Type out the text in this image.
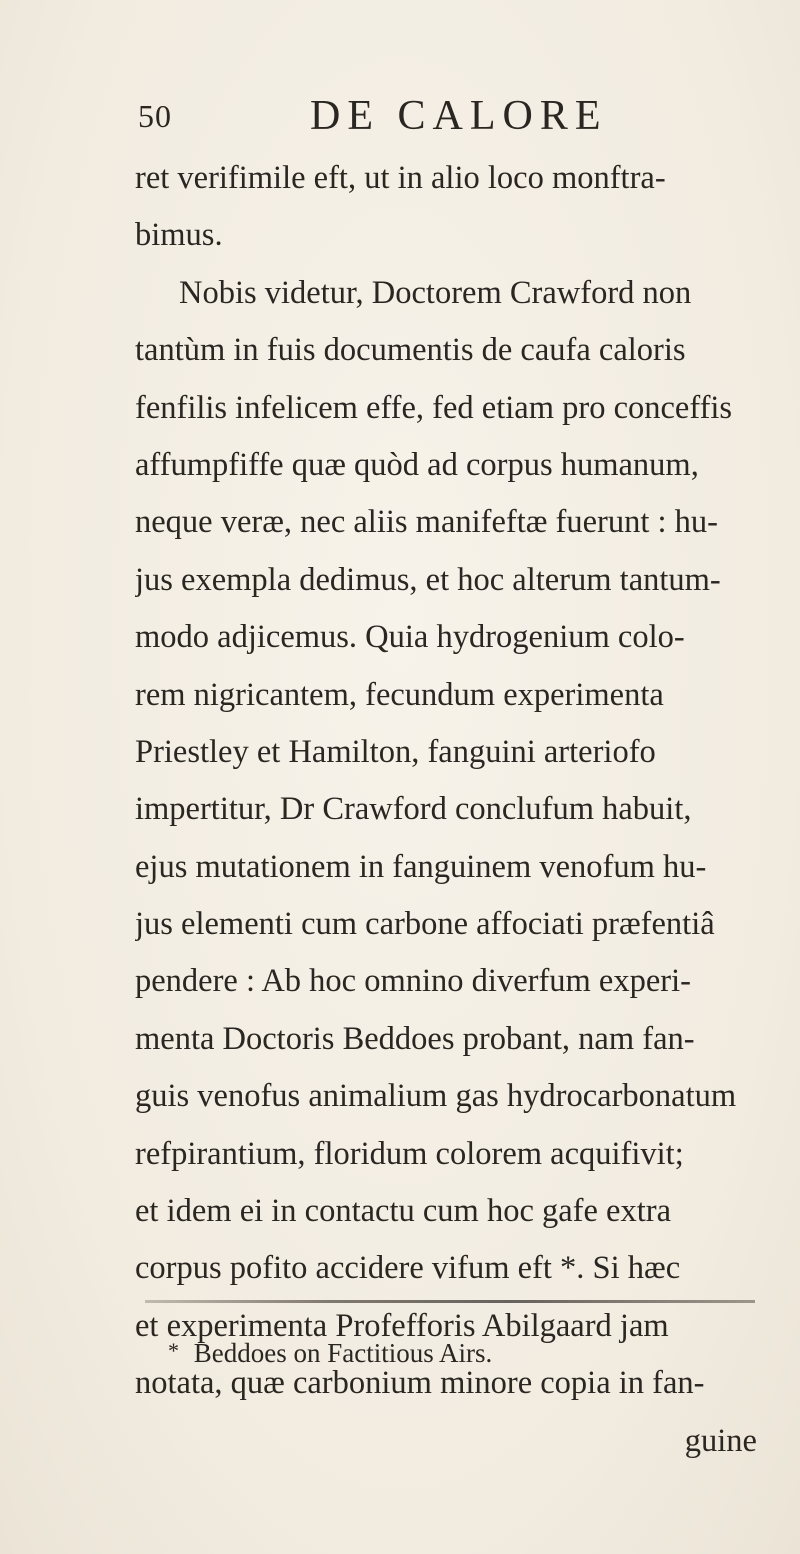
50	DE CALORE
ret verifimile eft, ut in alio loco monftra-
bimus.
Nobis videtur, Doctorem Crawford non
tantùm in fuis documentis de caufa caloris
fenfilis infelicem effe, fed etiam pro conceffis
affumpfiffe quæ quòd ad corpus humanum,
neque veræ, nec aliis manifeftæ fuerunt : hu-
jus exempla dedimus, et hoc alterum tantum-
modo adjicemus. Quia hydrogenium colo-
rem nigricantem, fecundum experimenta
Priestley et Hamilton, fanguini arteriofo
impertitur, Dr Crawford conclufum habuit,
ejus mutationem in fanguinem venofum hu-
jus elementi cum carbone affociati præfentiâ
pendere : Ab hoc omnino diverfum experi-
menta Doctoris Beddoes probant, nam fan-
guis venofus animalium gas hydrocarbonatum
refpirantium, floridum colorem acquifivit;
et idem ei in contactu cum hoc gafe extra
corpus pofito accidere vifum eft *. Si hæc
et experimenta Profefforis Abilgaard jam
notata, quæ carbonium minore copia in fan-
guine
* Beddoes on Factitious Airs.
